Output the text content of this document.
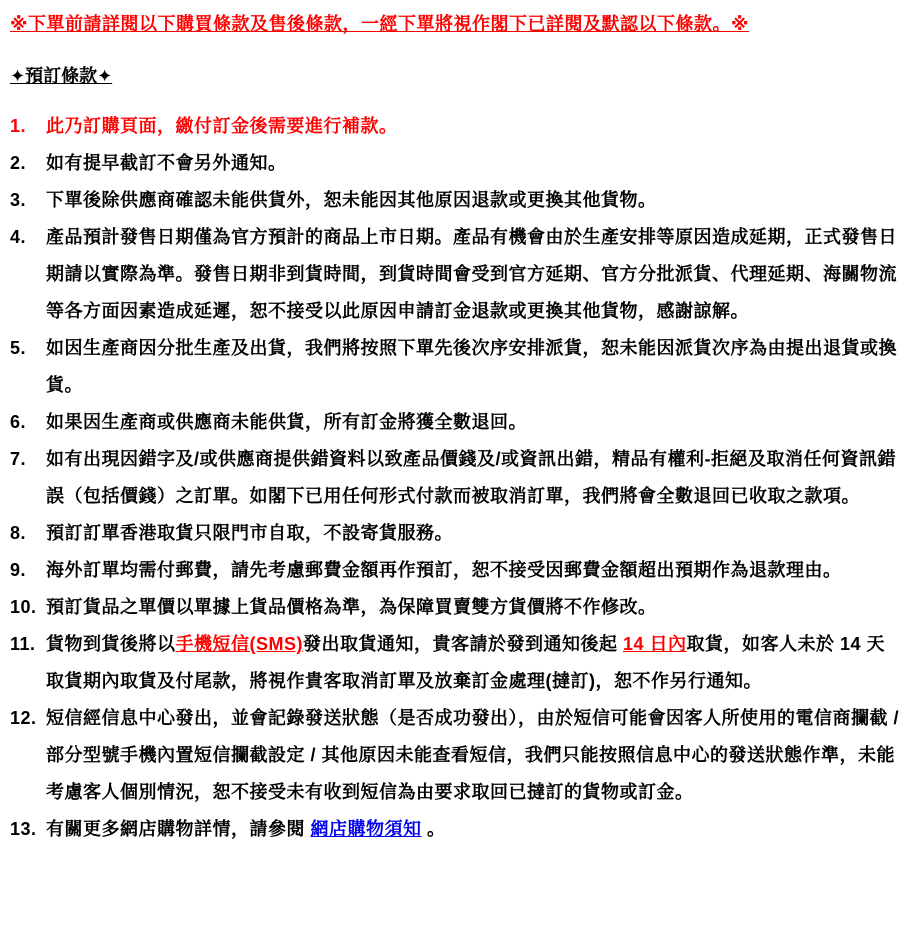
※下單前請詳閱以下購買條款及售後條款，一經下單將視作閣下已詳閱及默認以下條款。※
✦預訂條款✦
1.	此乃訂購頁面，繳付訂金後需要進行補款。
2.	如有提早截訂不會另外通知。
3.	下單後除供應商確認未能供貨外，恕未能因其他原因退款或更換其他貨物。
4.	產品預計發售日期僅為官方預計的商品上市日期。產品有機會由於生產安排等原因造成延期，正式發售日期請以實際為準。發售日期非到貨時間，到貨時間會受到官方延期、官方分批派貨、代理延期、海關物流等各方面因素造成延遲，恕不接受以此原因申請訂金退款或更換其他貨物，感謝諒解。
5.	如因生產商因分批生產及出貨，我們將按照下單先後次序安排派貨，恕未能因派貨次序為由提出退貨或換貨。
6.	如果因生產商或供應商未能供貨，所有訂金將獲全數退回。
7.	如有出現因錯字及/或供應商提供錯資料以致產品價錢及/或資訊出錯，精品有權利-拒絕及取消任何資訊錯誤（包括價錢）之訂單。如閣下已用任何形式付款而被取消訂單，我們將會全數退回已收取之款項。
8.	預訂訂單香港取貨只限門市自取，不設寄貨服務。
9.	海外訂單均需付郵費，請先考慮郵費金額再作預訂，恕不接受因郵費金額超出預期作為退款理由。
10. 預訂貨品之單價以單據上貨品價格為準，為保障買賣雙方貨價將不作修改。
11. 貨物到貨後將以手機短信(SMS)發出取貨通知，貴客請於發到通知後起 14 日內取貨，如客人未於 14 天取貨期內取貨及付尾款，將視作貴客取消訂單及放棄訂金處理(撻訂)，恕不作另行通知。
12. 短信經信息中心發出，並會記錄發送狀態（是否成功發出），由於短信可能會因客人所使用的電信商攔截 / 部分型號手機內置短信攔截設定 / 其他原因未能查看短信，我們只能按照信息中心的發送狀態作準，未能考慮客人個別情況，恕不接受未有收到短信為由要求取回已撻訂的貨物或訂金。
13. 有關更多網店購物詳情，請參閱 網店購物須知 。
